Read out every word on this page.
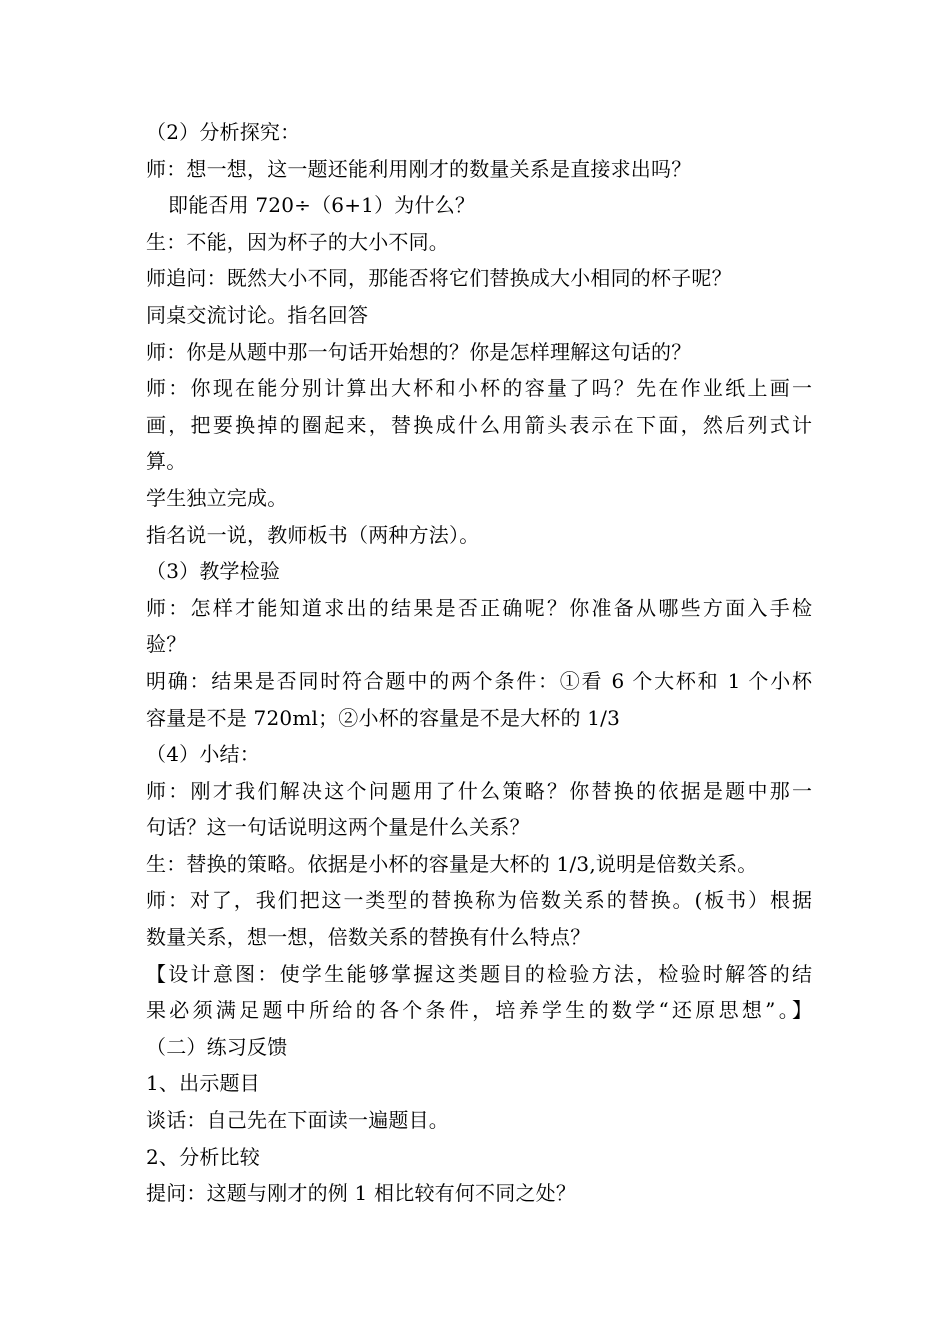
（2）分析探究：
师：想一想，这一题还能利用刚才的数量关系是直接求出吗？
即能否用 720÷（6+1）为什么？
生：不能，因为杯子的大小不同。
师追问：既然大小不同，那能否将它们替换成大小相同的杯子呢？
同桌交流讨论。指名回答
师：你是从题中那一句话开始想的？你是怎样理解这句话的？
师：你现在能分别计算出大杯和小杯的容量了吗？先在作业纸上画一
画，把要换掉的圈起来，替换成什么用箭头表示在下面，然后列式计
算。
学生独立完成。
指名说一说，教师板书（两种方法）。
（3）教学检验
师：怎样才能知道求出的结果是否正确呢？你准备从哪些方面入手检
验？
明确：结果是否同时符合题中的两个条件：①看 6 个大杯和 1 个小杯
容量是不是 720ml；②小杯的容量是不是大杯的 1/3
（4）小结：
师：刚才我们解决这个问题用了什么策略？你替换的依据是题中那一
句话？这一句话说明这两个量是什么关系？
生：替换的策略。依据是小杯的容量是大杯的 1/3,说明是倍数关系。
师：对了，我们把这一类型的替换称为倍数关系的替换。(板书）根据
数量关系，想一想，倍数关系的替换有什么特点？
【设计意图：使学生能够掌握这类题目的检验方法，检验时解答的结
果必须满足题中所给的各个条件，培养学生的数学“还原思想”。】
（二）练习反馈
1、出示题目
谈话：自己先在下面读一遍题目。
2、分析比较
提问：这题与刚才的例 1 相比较有何不同之处？
